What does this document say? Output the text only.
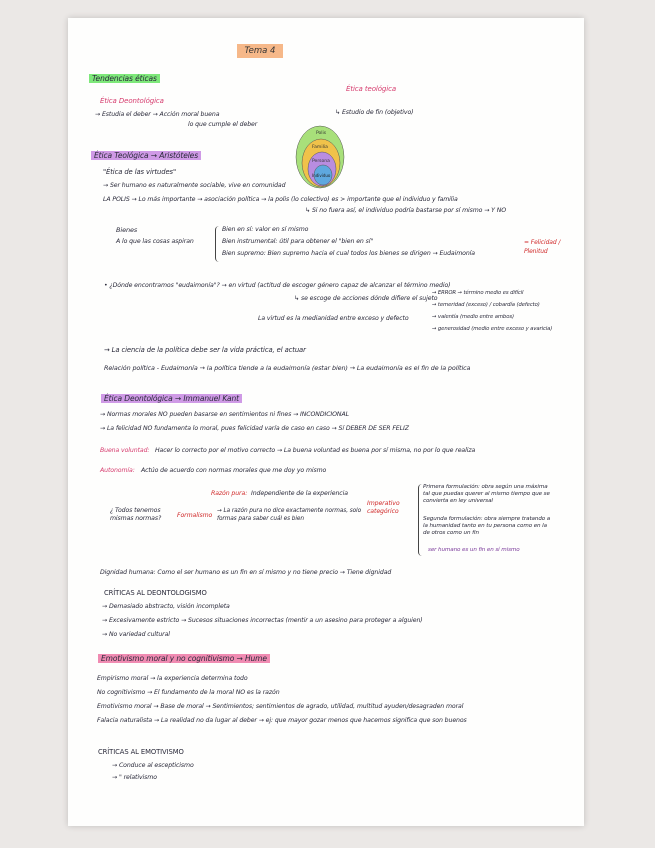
Tema 4
Tendencias éticas
Ética Deontológica
→ Estudia el deber → Acción moral buena
lo que cumple el deber
Ética teológica
↳ Estudio de fin (objetivo)
Polis
Familia
Persona
Individuo
Ética Teológica → Aristóteles
"Ética de las virtudes"
→ Ser humano es naturalmente sociable, vive en comunidad
LA POLIS → Lo más importante → asociación política → la polis (lo colectivo) es > importante que el individuo y familia
↳ Si no fuera así, el individuo podría bastarse por sí mismo → Y NO
Bienes
A lo que las cosas aspiran
Bien en sí: valor en sí mismo
Bien instrumental: útil para obtener el "bien en sí"
Bien supremo: Bien supremo hacia el cual todos los bienes se dirigen → Eudaimonía
= Felicidad / Plenitud
• ¿Dónde encontramos "eudaimonía"? → en virtud (actitud de escoger género capaz de alcanzar el término medio)
↳ se escoge de acciones dónde difiere el sujeto
→ ERROR → término medio es difícil
→ temeridad (exceso) / cobardía (defecto)
→ valentía (medio entre ambos)
→ generosidad (medio entre exceso y avaricia)
La virtud es la medianidad entre exceso y defecto
→ La ciencia de la política debe ser la vida práctica, el actuar
Relación política - Eudaimonía → la política tiende a la eudaimonía (estar bien) → La eudaimonía es el fin de la política
Ética Deontológica → Immanuel Kant
→ Normas morales NO pueden basarse en sentimientos ni fines → INCONDICIONAL
→ La felicidad NO fundamenta lo moral, pues felicidad varía de caso en caso → Sí DEBER DE SER FELIZ
Buena voluntad: Hacer lo correcto por el motivo correcto → La buena voluntad es buena por sí misma, no por lo que realiza
Autonomía: Actúo de acuerdo con normas morales que me doy yo mismo
¿ Todos tenemos mismas normas?
Razón pura: Independiente de la experiencia
Formalismo
→ La razón pura no dice exactamente normas, solo formas para saber cuál es bien
Imperativo categórico
Primera formulación: obra según una máxima tal que puedas querer al mismo tiempo que se convierta en ley universal
Segunda formulación: obra siempre tratando a la humanidad tanto en tu persona como en la de otros como un fin
ser humano es un fin en sí mismo
Dignidad humana: Como el ser humano es un fin en sí mismo y no tiene precio → Tiene dignidad
CRÍTICAS AL DEONTOLOGISMO
→ Demasiado abstracto, visión incompleta
→ Excesivamente estricto → Sucesos situaciones incorrectas (mentir a un asesino para proteger a alguien)
→ No variedad cultural
Emotivismo moral y no cognitivismo → Hume
Empirismo moral → la experiencia determina todo
No cognitivismo → El fundamento de la moral NO es la razón
Emotivismo moral → Base de moral → Sentimientos; sentimientos de agrado, utilidad, multitud ayuden/desagraden moral
Falacia naturalista → La realidad no da lugar al deber → ej: que mayor gozar menos que hacemos significa que son buenos
CRÍTICAS AL EMOTIVISMO
→ Conduce al escepticismo
→ " relativismo
